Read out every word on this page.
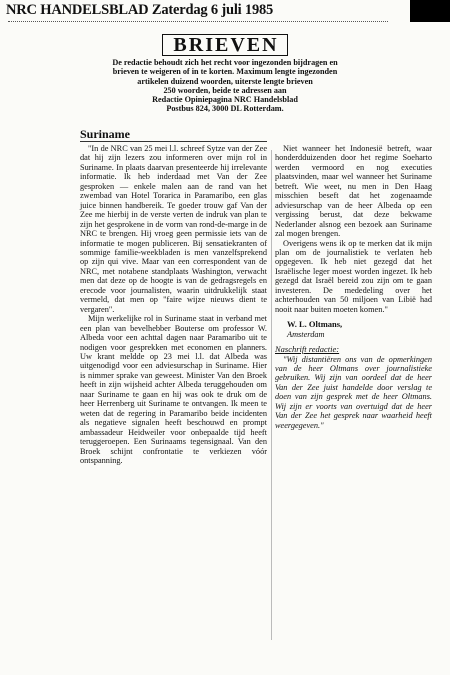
NRC HANDELSBLAD Zaterdag 6 juli 1985
BRIEVEN
De redactie behoudt zich het recht voor ingezonden bijdragen en
brieven te weigeren of in te korten. Maximum lengte ingezonden
artikelen duizend woorden, uiterste lengte brieven
250 woorden, beide te adressen aan
Redactie Opiniepagina NRC Handelsblad
Postbus 824, 3000 DL Rotterdam.
Suriname

"In de NRC van 25 mei l.l. schreef Sytze van der Zee dat hij zijn lezers zou informeren over mijn rol in Suriname. In plaats daarvan presenteerde hij irrelevante informatie. Ik heb inderdaad met Van der Zee gesproken — enkele malen aan de rand van het zwembad van Hotel Torarica in Paramaribo, een glas juice binnen handbereik. Te goeder trouw gaf Van der Zee me hierbij in de verste verten de indruk van plan te zijn het gesprokene in de vorm van rond-de-marge in de NRC te brengen. Hij vroeg geen permissie iets van de informatie te mogen publiceren. Bij sensatiekranten of sommige familie-weekbladen is men vanzelfsprekend op zijn qui vive. Maar van een correspondent van de NRC, met notabene standplaats Washington, verwacht men dat deze op de hoogte is van de gedragsregels en erecode voor journalisten, waarin uitdrukkelijk staat vermeld, dat men op "faire wijze nieuws dient te vergaren".

Mijn werkelijke rol in Suriname staat in verband met een plan van bevelhebber Bouterse om professor W. Albeda voor een achttal dagen naar Paramaribo uit te nodigen voor gesprekken met economen en planners. Uw krant meldde op 23 mei l.l. dat Albeda was uitgenodigd voor een adviesurschap in Suriname. Hier is nimmer sprake van geweest. Minister Van den Broek heeft in zijn wijsheid achter Albeda teruggehouden om naar Suriname te gaan en hij was ook te druk om de heer Herrenberg uit Suriname te ontvangen. Ik meen te weten dat de regering in Paramaribo beide incidenten als negatieve signalen heeft beschouwd en prompt ambassadeur Heidweiler voor onbepaalde tijd heeft teruggeroepen. Een Surinaams tegensignaal. Van den Broek schijnt confrontatie te verkiezen vóór ontspanning.

Niet wanneer het Indonesië betreft, waar honderdduizenden door het regime Soeharto werden vermoord en nog executies plaatsvinden, maar wel wanneer het Suriname betreft. Wie weet, nu men in Den Haag misschien beseft dat het zogenaamde adviesurschap van de heer Albeda op een vergissing berust, dat deze bekwame Nederlander alsnog een bezoek aan Suriname zal mogen brengen.

Overigens wens ik op te merken dat ik mijn plan om de journalistiek te verlaten heb opgegeven. Ik heb niet gezegd dat het Israëlische leger moest worden ingezet. Ik heb gezegd dat Israël bereid zou zijn om te gaan investeren. De mededeling over het achterhouden van 50 miljoen van Libië had nooit naar buiten moeten komen."

W. L. Oltmans,

Amsterdam

Naschrift redactie:

"Wij distantiëren ons van de opmerkingen van de heer Oltmans over journalistieke gebruiken. Wij zijn van oordeel dat de heer Van der Zee juist handelde door verslag te doen van zijn gesprek met de heer Oltmans. Wij zijn er voorts van overtuigd dat de heer Van der Zee het gesprek naar waarheid heeft weergegeven."
